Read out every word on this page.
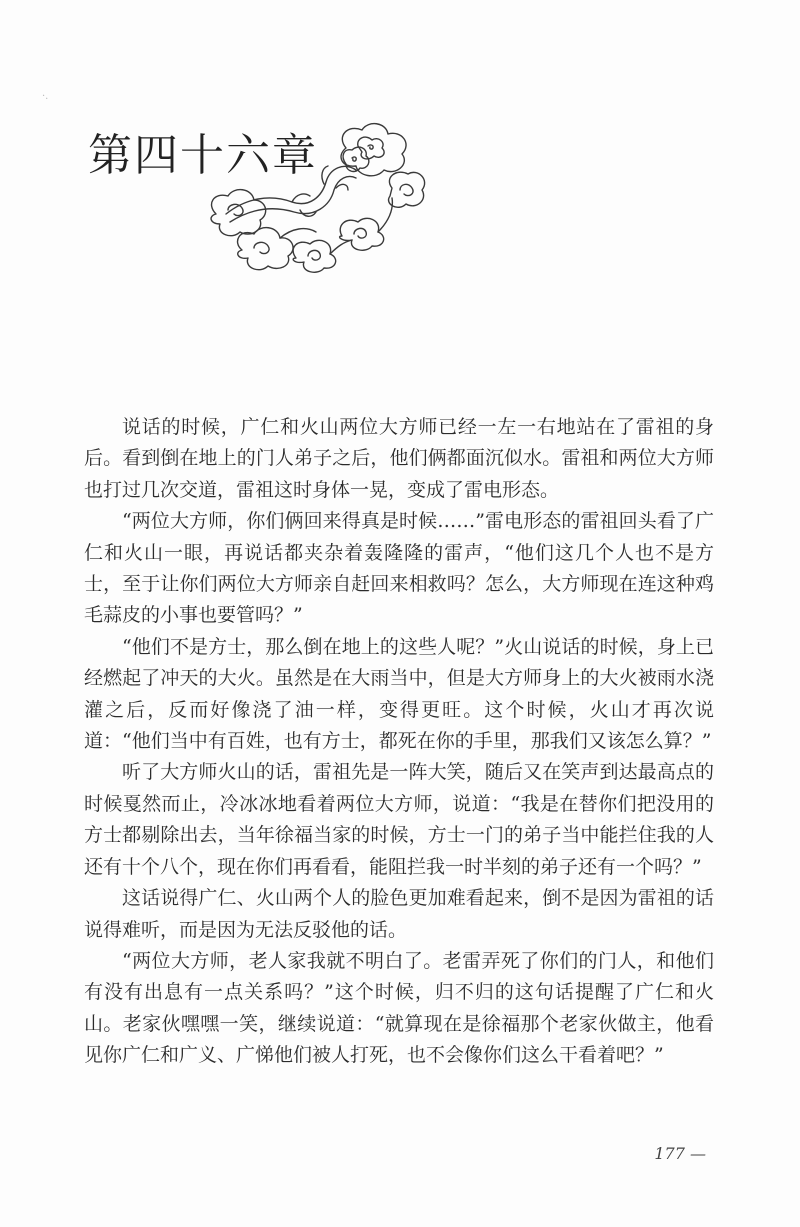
·.
第四十六章

说话的时候，广仁和火山两位大方师已经一左一右地站在了雷祖的身后。看到倒在地上的门人弟子之后，他们俩都面沉似水。雷祖和两位大方师也打过几次交道，雷祖这时身体一晃，变成了雷电形态。

“两位大方师，你们俩回来得真是时候……”雷电形态的雷祖回头看了广仁和火山一眼，再说话都夹杂着轰隆隆的雷声，“他们这几个人也不是方士，至于让你们两位大方师亲自赶回来相救吗？怎么，大方师现在连这种鸡毛蒜皮的小事也要管吗？”

“他们不是方士，那么倒在地上的这些人呢？”火山说话的时候，身上已经燃起了冲天的大火。虽然是在大雨当中，但是大方师身上的大火被雨水浇灌之后，反而好像浇了油一样，变得更旺。这个时候，火山才再次说道：“他们当中有百姓，也有方士，都死在你的手里，那我们又该怎么算？”

听了大方师火山的话，雷祖先是一阵大笑，随后又在笑声到达最高点的时候戛然而止，冷冰冰地看着两位大方师，说道：“我是在替你们把没用的方士都剔除出去，当年徐福当家的时候，方士一门的弟子当中能拦住我的人还有十个八个，现在你们再看看，能阻拦我一时半刻的弟子还有一个吗？”

这话说得广仁、火山两个人的脸色更加难看起来，倒不是因为雷祖的话说得难听，而是因为无法反驳他的话。

“两位大方师，老人家我就不明白了。老雷弄死了你们的门人，和他们有没有出息有一点关系吗？”这个时候，归不归的这句话提醒了广仁和火山。老家伙嘿嘿一笑，继续说道：“就算现在是徐福那个老家伙做主，他看见你广仁和广义、广悌他们被人打死，也不会像你们这么干看着吧？”

177 —
